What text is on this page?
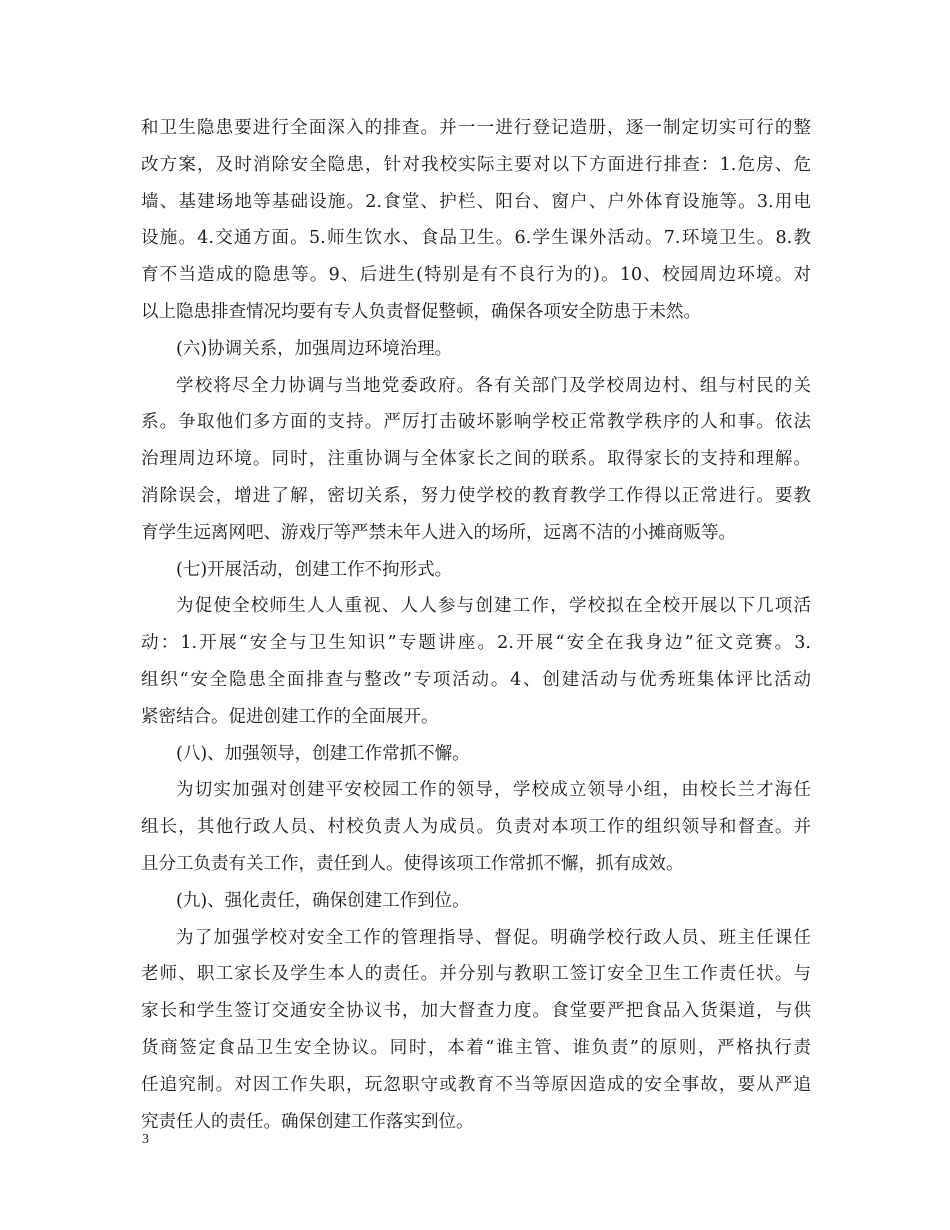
和卫生隐患要进行全面深入的排查。并一一进行登记造册，逐一制定切实可行的整
改方案，及时消除安全隐患，针对我校实际主要对以下方面进行排查：1.危房、危
墙、基建场地等基础设施。2.食堂、护栏、阳台、窗户、户外体育设施等。3.用电
设施。4.交通方面。5.师生饮水、食品卫生。6.学生课外活动。7.环境卫生。8.教
育不当造成的隐患等。9、后进生(特别是有不良行为的)。10、校园周边环境。对
以上隐患排查情况均要有专人负责督促整顿，确保各项安全防患于未然。
(六)协调关系，加强周边环境治理。
学校将尽全力协调与当地党委政府。各有关部门及学校周边村、组与村民的关
系。争取他们多方面的支持。严厉打击破坏影响学校正常教学秩序的人和事。依法
治理周边环境。同时，注重协调与全体家长之间的联系。取得家长的支持和理解。
消除误会，增进了解，密切关系，努力使学校的教育教学工作得以正常进行。要教
育学生远离网吧、游戏厅等严禁未年人进入的场所，远离不洁的小摊商贩等。
(七)开展活动，创建工作不拘形式。
为促使全校师生人人重视、人人参与创建工作，学校拟在全校开展以下几项活
动：1.开展“安全与卫生知识”专题讲座。2.开展“安全在我身边”征文竞赛。3.
组织“安全隐患全面排查与整改”专项活动。4、创建活动与优秀班集体评比活动
紧密结合。促进创建工作的全面展开。
(八)、加强领导，创建工作常抓不懈。
为切实加强对创建平安校园工作的领导，学校成立领导小组，由校长兰才海任
组长，其他行政人员、村校负责人为成员。负责对本项工作的组织领导和督查。并
且分工负责有关工作，责任到人。使得该项工作常抓不懈，抓有成效。
(九)、强化责任，确保创建工作到位。
为了加强学校对安全工作的管理指导、督促。明确学校行政人员、班主任课任
老师、职工家长及学生本人的责任。并分别与教职工签订安全卫生工作责任状。与
家长和学生签订交通安全协议书，加大督查力度。食堂要严把食品入货渠道，与供
货商签定食品卫生安全协议。同时，本着“谁主管、谁负责”的原则，严格执行责
任追究制。对因工作失职，玩忽职守或教育不当等原因造成的安全事故，要从严追
究责任人的责任。确保创建工作落实到位。
3
